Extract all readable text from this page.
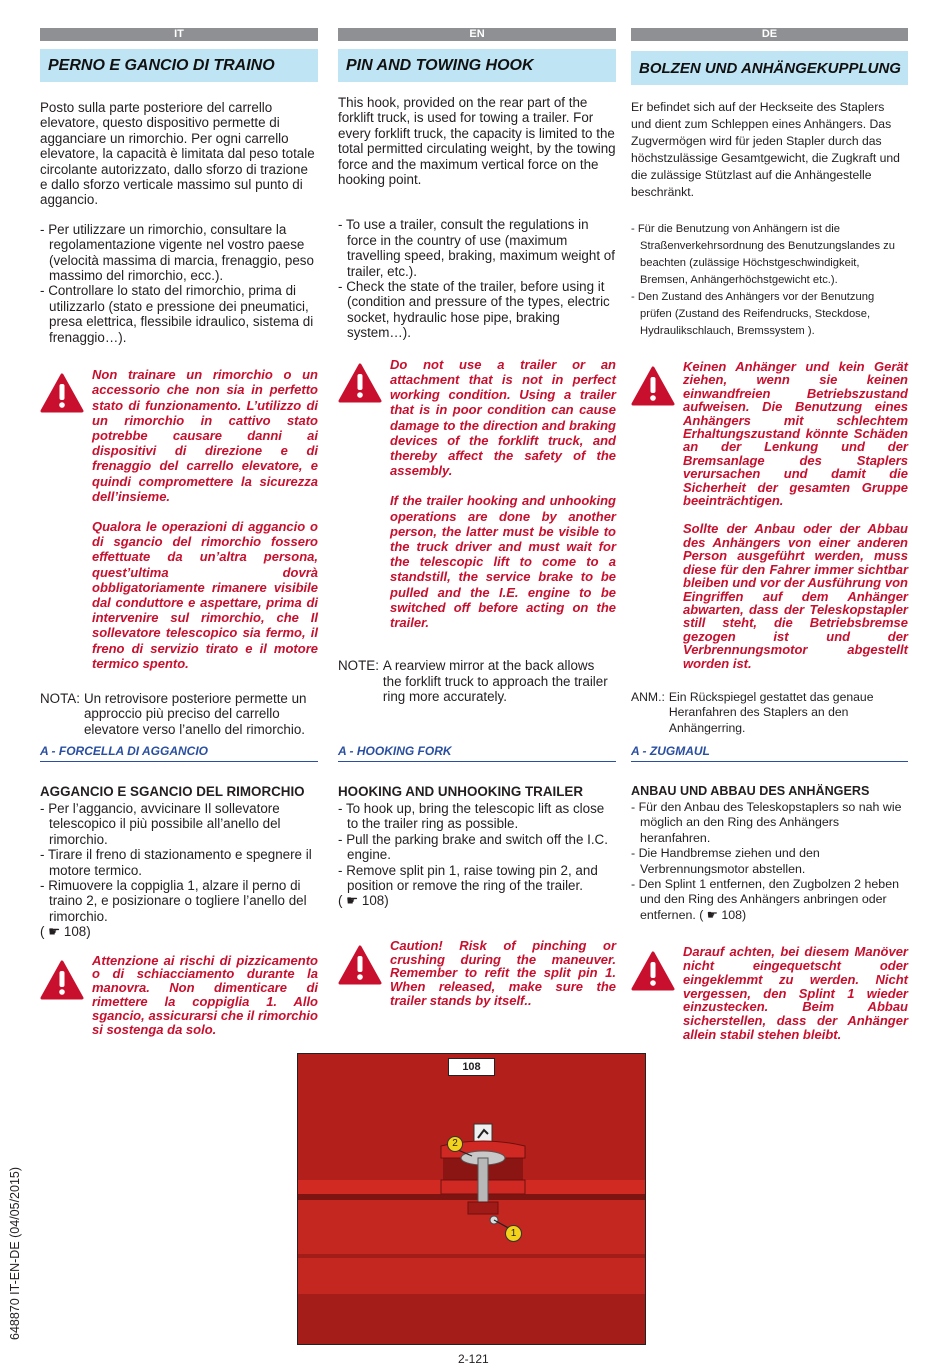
IT
PERNO E GANCIO DI TRAINO

Posto sulla parte posteriore del carrello elevatore, questo dispositivo permette di agganciare un rimorchio. Per ogni carrello elevatore, la capacità è limitata dal peso totale circolante autorizzato, dallo sforzo di trazione e dallo sforzo verticale massimo sul punto di aggancio.

- Per utilizzare un rimorchio, consultare la regolamentazione vigente nel vostro paese (velocità massima di marcia, frenaggio, peso massimo del rimorchio, ecc.).
- Controllare lo stato del rimorchio, prima di utilizzarlo (stato e pressione dei pneumatici, presa elettrica, flessibile idraulico, sistema di frenaggio…).

Non trainare un rimorchio o un accessorio che non sia in perfetto stato di funzionamento. L’utilizzo di un rimorchio in cattivo stato potrebbe causare danni ai dispositivi di direzione e di frenaggio del carrello elevatore, e quindi compromettere la sicurezza dell’insieme.

Qualora le operazioni di aggancio o di sgancio del rimorchio fossero effettuate da un’altra persona, quest’ultima dovrà obbligatoriamente rimanere visibile dal conduttore e aspettare, prima di intervenire sul rimorchio, che Il sollevatore telescopico sia fermo, il freno di servizio tirato e il motore termico spento.

NOTA: Un retrovisore posteriore permette un approccio più preciso del carrello elevatore verso l’anello del rimorchio.
EN
PIN AND TOWING HOOK

This hook, provided on the rear part of the forklift truck, is used for towing a trailer. For every forklift truck, the capacity is limited to the total permitted circulating weight, by the towing force and the maximum vertical force on the hooking point.

- To use a trailer, consult the regulations in force in the country of use (maximum travelling speed, braking, maximum weight of trailer, etc.).
- Check the state of the trailer, before using it (condition and pressure of the types, electric socket, hydraulic hose pipe, braking system…).

Do not use a trailer or an attachment that is not in perfect working condition. Using a trailer that is in poor condition can cause damage to the direction and braking devices of the forklift truck, and thereby affect the safety of the assembly.

If the trailer hooking and unhooking operations are done by another person, the latter must be visible to the truck driver and must wait for the telescopic lift to come to a standstill, the service brake to be pulled and the I.E. engine to be switched off before acting on the trailer.

NOTE: A rearview mirror at the back allows the forklift truck to approach the trailer ring more accurately.
DE
BOLZEN UND ANHÄNGEKUPPLUNG

Er befindet sich auf der Heckseite des Staplers und dient zum Schleppen eines Anhängers. Das Zugvermögen wird für jeden Stapler durch das höchstzulässige Gesamtgewicht, die Zugkraft und die zulässige Stützlast auf die Anhängestelle beschränkt.

- Für die Benutzung von Anhängern ist die Straßenverkehrsordnung des Benutzungslandes zu beachten (zulässige Höchstgeschwindigkeit, Bremsen, Anhängerhöchstgewicht etc.).
- Den Zustand des Anhängers vor der Benutzung prüfen (Zustand des Reifendrucks, Steckdose, Hydraulikschlauch, Bremssystem ).

Keinen Anhänger und kein Gerät ziehen, wenn sie keinen einwandfreien Betriebszustand aufweisen. Die Benutzung eines Anhängers mit schlechtem Erhaltungszustand könnte Schäden an der Lenkung und der Bremsanlage des Staplers verursachen und damit die Sicherheit der gesamten Gruppe beeinträchtigen.

Sollte der Anbau oder der Abbau des Anhängers von einer anderen Person ausgeführt werden, muss diese für den Fahrer immer sichtbar bleiben und vor der Ausführung von Eingriffen auf dem Anhänger abwarten, dass der Teleskopstapler still steht, die Betriebsbremse gezogen ist und der Verbrennungsmotor abgestellt worden ist.

ANM.: Ein Rückspiegel gestattet das genaue Heranfahren des Staplers an den Anhängerring.
A - FORCELLA DI AGGANCIO
AGGANCIO E SGANCIO DEL RIMORCHIO
- Per l’aggancio, avvicinare Il sollevatore telescopico il più possibile all’anello del rimorchio.
- Tirare il freno di stazionamento e spegnere il motore termico.
- Rimuovere la coppiglia 1, alzare il perno di traino 2, e posizionare o togliere l’anello del rimorchio.
( ☛ 108)

Attenzione ai rischi di pizzicamento o di schiacciamento durante la manovra. Non dimenticare di rimettere la coppiglia 1. Allo sgancio, assicurarsi che il rimorchio si sostenga da solo.

A - HOOKING FORK
HOOKING AND UNHOOKING TRAILER
- To hook up, bring the telescopic lift as close to the trailer ring as possible.
- Pull the parking brake and switch off the I.C. engine.
- Remove split pin 1, raise towing pin 2, and position or remove the ring of the trailer.
( ☛ 108)

Caution! Risk of pinching or crushing during the maneuver. Remember to refit the split pin 1. When released, make sure the trailer stands by itself..

A - ZUGMAUL
ANBAU UND ABBAU DES ANHÄNGERS
- Für den Anbau des Teleskopstaplers so nah wie möglich an den Ring des Anhängers heranfahren.
- Die Handbremse ziehen und den Verbrennungsmotor abstellen.
- Den Splint 1 entfernen, den Zugbolzen 2 heben und den Ring des Anhängers anbringen oder entfernen. ( ☛ 108)

Darauf achten, bei diesem Manöver nicht eingequetscht oder eingeklemmt zu werden. Nicht vergessen, den Splint 1 wieder einzustecken. Beim Abbau sicherstellen, dass der Anhänger allein stabil stehen bleibt.

108
2
1
648870 IT-EN-DE (04/05/2015)
2-121
